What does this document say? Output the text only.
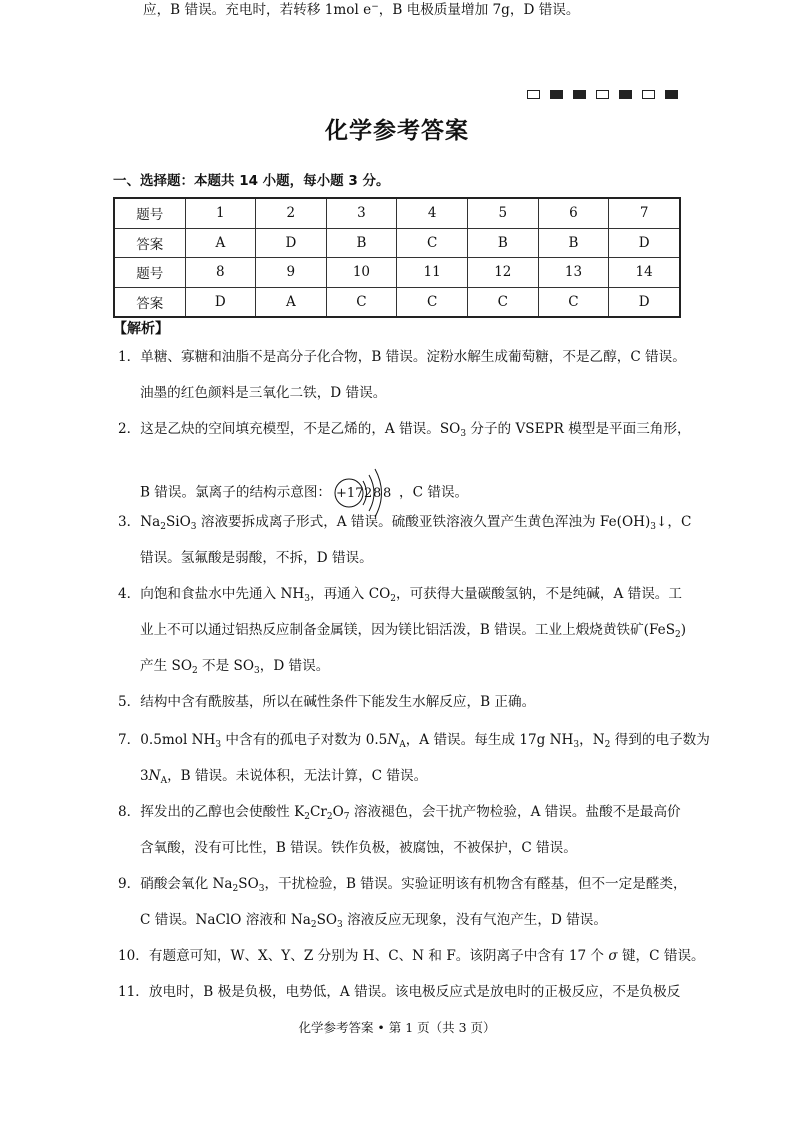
化学参考答案
一、选择题：本题共 14 小题，每小题 3 分。
题号	1	2	3	4	5	6	7
答案	A	D	B	C	B	B	D
题号	8	9	10	11	12	13	14
答案	D	A	C	C	C	C	D
【解析】
1．单糖、寡糖和油脂不是高分子化合物，B 错误。淀粉水解生成葡萄糖，不是乙醇，C 错误。
油墨的红色颜料是三氧化二铁，D 错误。
2．这是乙炔的空间填充模型，不是乙烯的，A 错误。$SO_3$ 分子的 VSEPR 模型是平面三角形，
B 错误。氯离子的结构示意图： +17 2 8 8 ，C 错误。
3．$Na_2SiO_3$ 溶液要拆成离子形式，A 错误。硫酸亚铁溶液久置产生黄色浑浊为 $Fe(OH)_3↓$，C
错误。氢氟酸是弱酸，不拆，D 错误。
4．向饱和食盐水中先通入 $NH_3$，再通入 $CO_2$，可获得大量碳酸氢钠，不是纯碱，A 错误。工
业上不可以通过铝热反应制备金属镁，因为镁比铝活泼，B 错误。工业上煅烧黄铁矿(FeS$_2$)
产生 $SO_2$ 不是 $SO_3$，D 错误。
5．结构中含有酰胺基，所以在碱性条件下能发生水解反应，B 正确。
7．0.5mol $NH_3$ 中含有的孤电子对数为 $0.5N_A$，A 错误。每生成 17g $NH_3$，$N_2$ 得到的电子数为
$3N_A$，B 错误。未说体积，无法计算，C 错误。
8．挥发出的乙醇也会使酸性 $K_2Cr_2O_7$ 溶液褪色，会干扰产物检验，A 错误。盐酸不是最高价
含氧酸，没有可比性，B 错误。铁作负极，被腐蚀，不被保护，C 错误。
9．硝酸会氧化 $Na_2SO_3$，干扰检验，B 错误。实验证明该有机物含有醛基，但不一定是醛类，
C 错误。NaClO 溶液和 $Na_2SO_3$ 溶液反应无现象，没有气泡产生，D 错误。
10．有题意可知，W、X、Y、Z 分别为 H、C、N 和 F。该阴离子中含有 17 个 σ 键，C 错误。
11．放电时，B 极是负极，电势低，A 错误。该电极反应式是放电时的正极反应，不是负极反
应，B 错误。充电时，若转移 1mol e−，B 电极质量增加 7g，D 错误。
化学参考答案 • 第 1 页（共 3 页）
